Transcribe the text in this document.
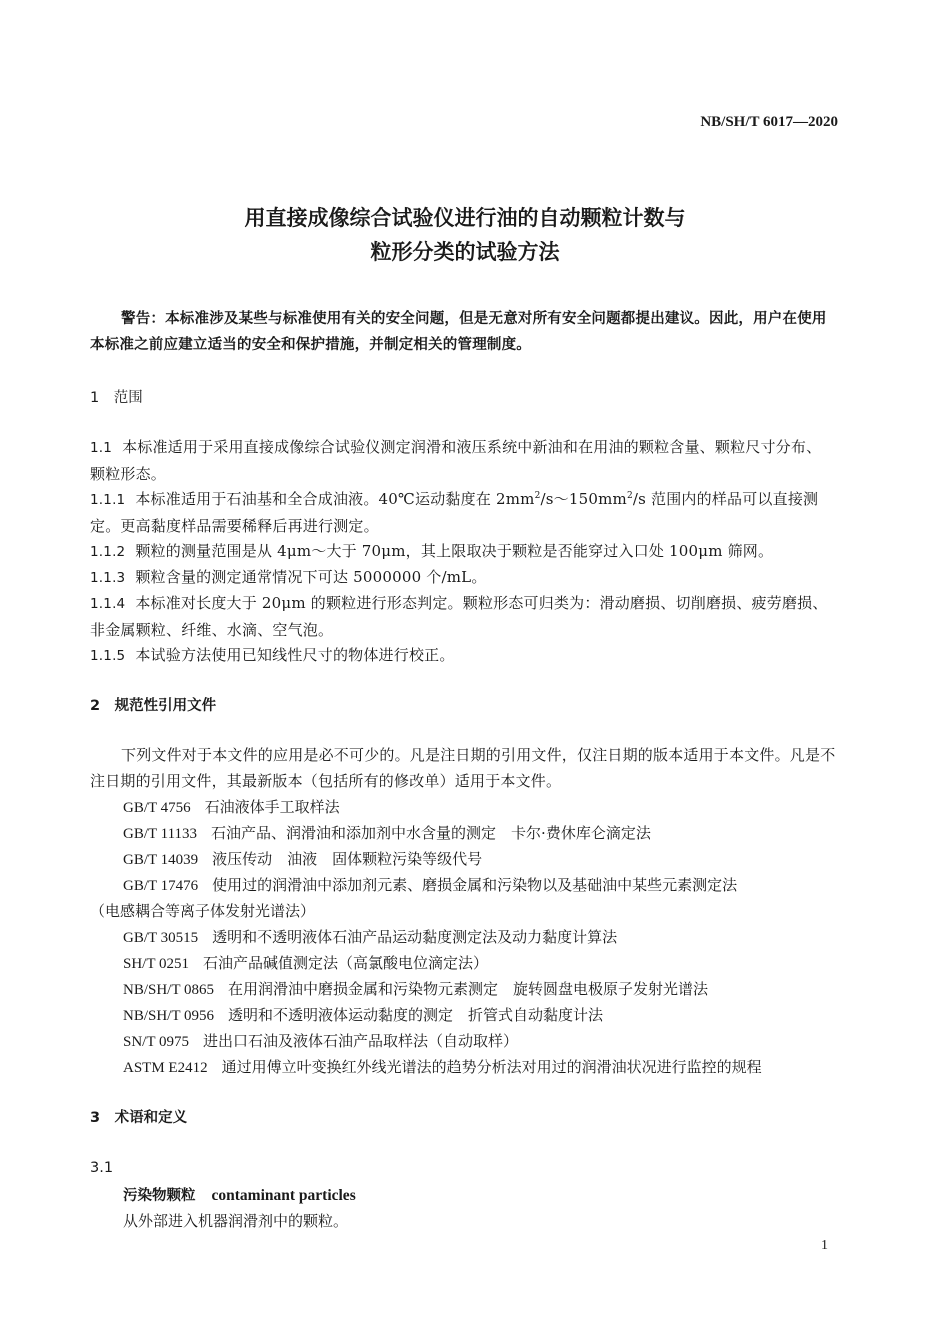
NB/SH/T 6017—2020
用直接成像综合试验仪进行油的自动颗粒计数与
粒形分类的试验方法
警告：本标准涉及某些与标准使用有关的安全问题，但是无意对所有安全问题都提出建议。因此，用户在使用本标准之前应建立适当的安全和保护措施，并制定相关的管理制度。
1　范围
1.1 本标准适用于采用直接成像综合试验仪测定润滑和液压系统中新油和在用油的颗粒含量、颗粒尺寸分布、颗粒形态。
1.1.1 本标准适用于石油基和全合成油液。40℃运动黏度在 $2mm^2/s\sim 150mm^2/s$ 范围内的样品可以直接测定。更高黏度样品需要稀释后再进行测定。
1.1.2 颗粒的测量范围是从 4μm～大于 70μm，其上限取决于颗粒是否能穿过入口处 100μm 筛网。
1.1.3 颗粒含量的测定通常情况下可达 5000000 个/mL。
1.1.4 本标准对长度大于 20μm 的颗粒进行形态判定。颗粒形态可归类为：滑动磨损、切削磨损、疲劳磨损、非金属颗粒、纤维、水滴、空气泡。
1.1.5 本试验方法使用已知线性尺寸的物体进行校正。
2　规范性引用文件
下列文件对于本文件的应用是必不可少的。凡是注日期的引用文件，仅注日期的版本适用于本文件。凡是不注日期的引用文件，其最新版本（包括所有的修改单）适用于本文件。
GB/T 4756 石油液体手工取样法
GB/T 11133 石油产品、润滑油和添加剂中水含量的测定　卡尔·费休库仑滴定法
GB/T 14039 液压传动　油液　固体颗粒污染等级代号
GB/T 17476 使用过的润滑油中添加剂元素、磨损金属和污染物以及基础油中某些元素测定法
（电感耦合等离子体发射光谱法）
GB/T 30515 透明和不透明液体石油产品运动黏度测定法及动力黏度计算法
SH/T 0251 石油产品碱值测定法（高氯酸电位滴定法）
NB/SH/T 0865 在用润滑油中磨损金属和污染物元素测定　旋转圆盘电极原子发射光谱法
NB/SH/T 0956 透明和不透明液体运动黏度的测定　折管式自动黏度计法
SN/T 0975 进出口石油及液体石油产品取样法（自动取样）
ASTM E2412 通过用傅立叶变换红外线光谱法的趋势分析法对用过的润滑油状况进行监控的规程
3　术语和定义
3.1
污染物颗粒 contaminant particles
从外部进入机器润滑剂中的颗粒。
1
